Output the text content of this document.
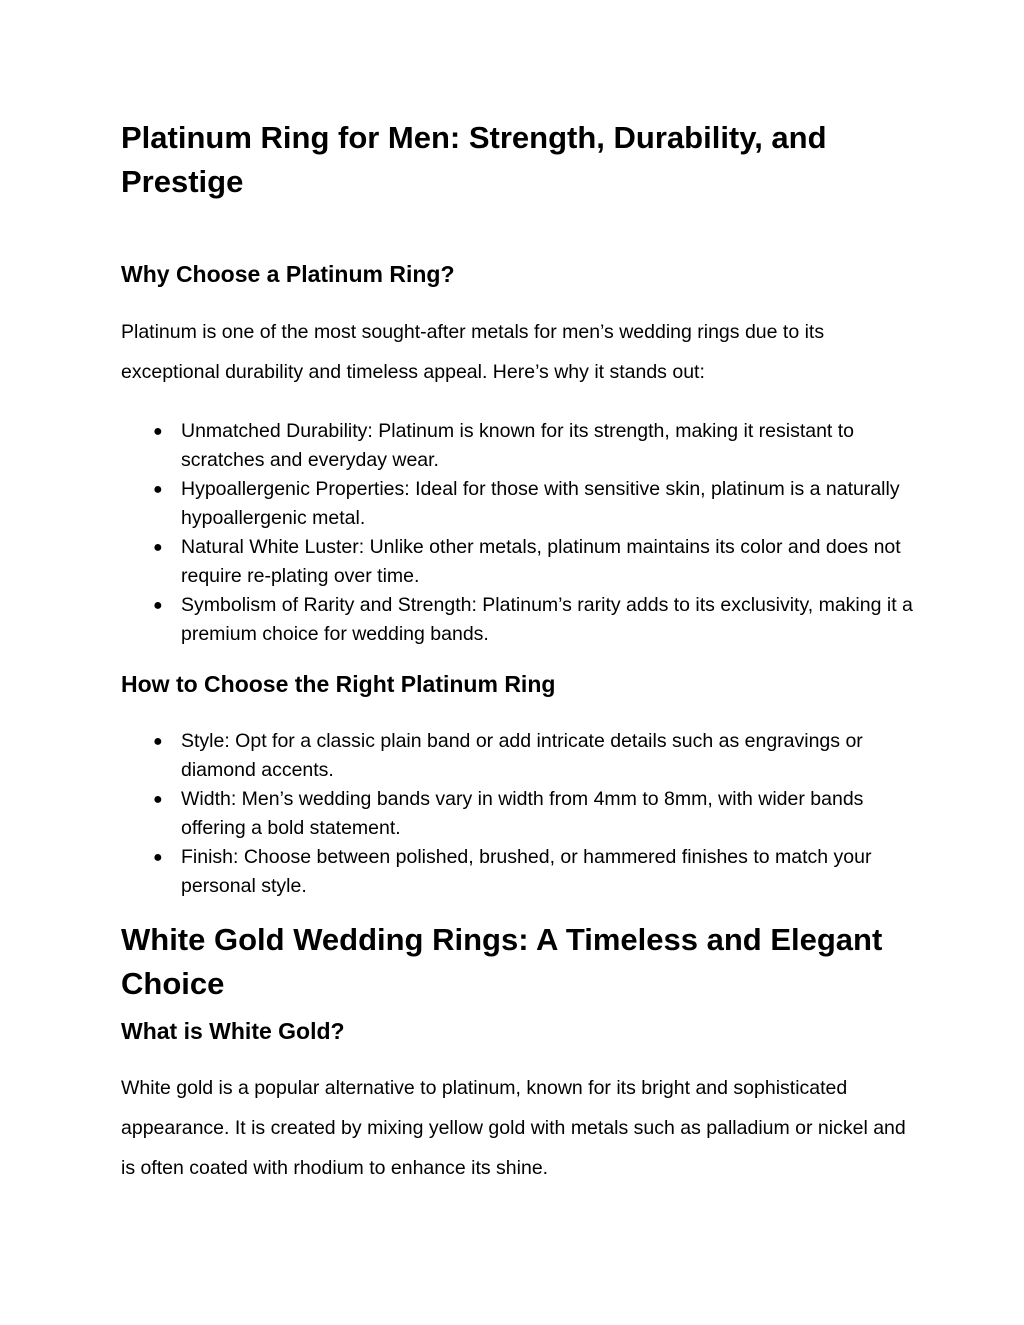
Platinum Ring for Men: Strength, Durability, and Prestige
Why Choose a Platinum Ring?

Platinum is one of the most sought-after metals for men’s wedding rings due to its exceptional durability and timeless appeal. Here’s why it stands out:

● Unmatched Durability: Platinum is known for its strength, making it resistant to scratches and everyday wear.
● Hypoallergenic Properties: Ideal for those with sensitive skin, platinum is a naturally hypoallergenic metal.
● Natural White Luster: Unlike other metals, platinum maintains its color and does not require re-plating over time.
● Symbolism of Rarity and Strength: Platinum’s rarity adds to its exclusivity, making it a premium choice for wedding bands.
How to Choose the Right Platinum Ring
● Style: Opt for a classic plain band or add intricate details such as engravings or diamond accents.
● Width: Men’s wedding bands vary in width from 4mm to 8mm, with wider bands offering a bold statement.
● Finish: Choose between polished, brushed, or hammered finishes to match your personal style.
White Gold Wedding Rings: A Timeless and Elegant Choice
What is White Gold?

White gold is a popular alternative to platinum, known for its bright and sophisticated appearance. It is created by mixing yellow gold with metals such as palladium or nickel and is often coated with rhodium to enhance its shine.
